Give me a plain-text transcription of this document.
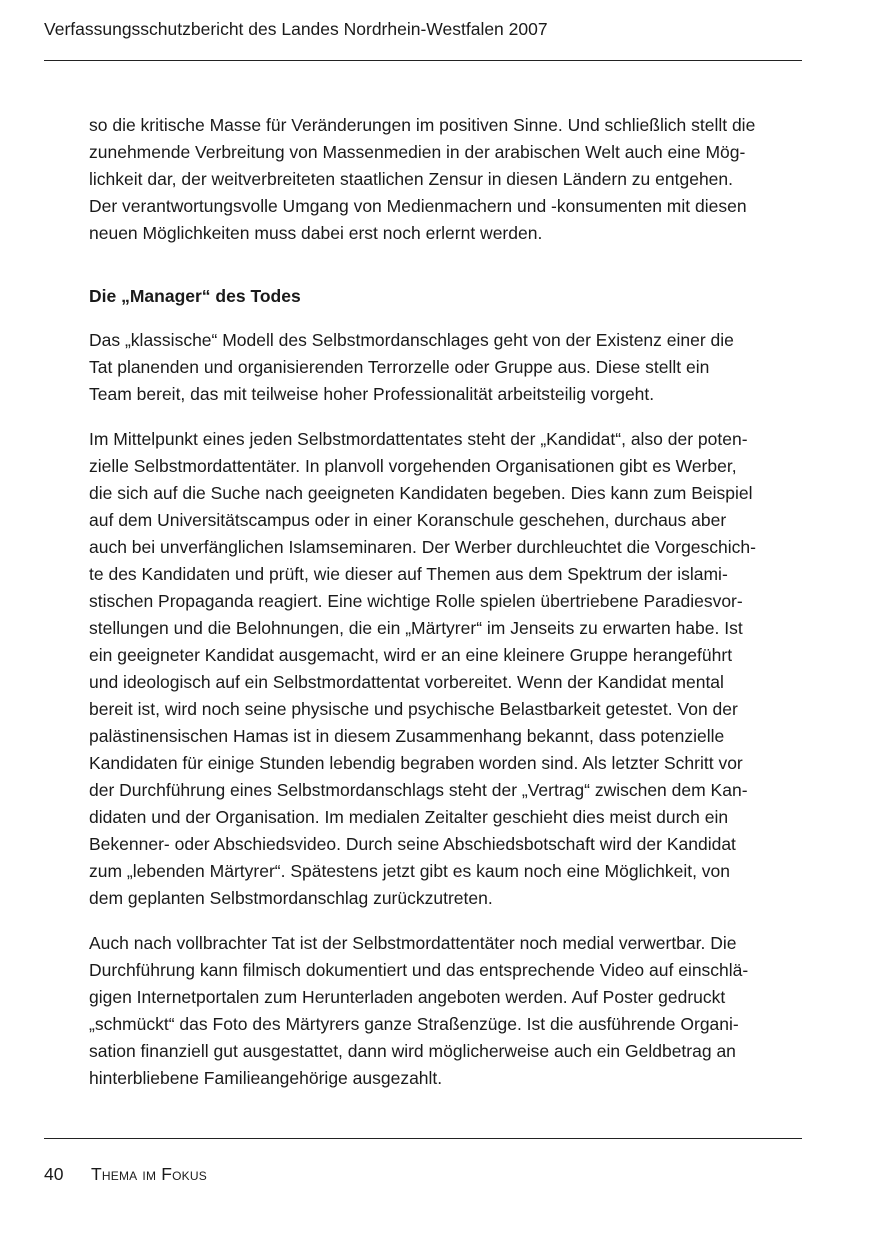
Verfassungsschutzbericht des Landes Nordrhein-Westfalen 2007
so die kritische Masse für Veränderungen im positiven Sinne. Und schließlich stellt die
zunehmende Verbreitung von Massenmedien in der arabischen Welt auch eine Mög-
lichkeit dar, der weitverbreiteten staatlichen Zensur in diesen Ländern zu entgehen.
Der verantwortungsvolle Umgang von Medienmachern und -konsumenten mit diesen
neuen Möglichkeiten muss dabei erst noch erlernt werden.
Die „Manager“ des Todes
Das „klassische“ Modell des Selbstmordanschlages geht von der Existenz einer die
Tat planenden und organisierenden Terrorzelle oder Gruppe aus. Diese stellt ein
Team bereit, das mit teilweise hoher Professionalität arbeitsteilig vorgeht.
Im Mittelpunkt eines jeden Selbstmordattentates steht der „Kandidat“, also der poten-
zielle Selbstmordattentäter. In planvoll vorgehenden Organisationen gibt es Werber,
die sich auf die Suche nach geeigneten Kandidaten begeben. Dies kann zum Beispiel
auf dem Universitätscampus oder in einer Koranschule geschehen, durchaus aber
auch bei unverfänglichen Islamseminaren. Der Werber durchleuchtet die Vorgeschich-
te des Kandidaten und prüft, wie dieser auf Themen aus dem Spektrum der islami-
stischen Propaganda reagiert. Eine wichtige Rolle spielen übertriebene Paradiesvor-
stellungen und die Belohnungen, die ein „Märtyrer“ im Jenseits zu erwarten habe. Ist
ein geeigneter Kandidat ausgemacht, wird er an eine kleinere Gruppe herangeführt
und ideologisch auf ein Selbstmordattentat vorbereitet. Wenn der Kandidat mental
bereit ist, wird noch seine physische und psychische Belastbarkeit getestet. Von der
palästinensischen Hamas ist in diesem Zusammenhang bekannt, dass potenzielle
Kandidaten für einige Stunden lebendig begraben worden sind. Als letzter Schritt vor
der Durchführung eines Selbstmordanschlags steht der „Vertrag“ zwischen dem Kan-
didaten und der Organisation. Im medialen Zeitalter geschieht dies meist durch ein
Bekenner- oder Abschiedsvideo. Durch seine Abschiedsbotschaft wird der Kandidat
zum „lebenden Märtyrer“. Spätestens jetzt gibt es kaum noch eine Möglichkeit, von
dem geplanten Selbstmordanschlag zurückzutreten.
Auch nach vollbrachter Tat ist der Selbstmordattentäter noch medial verwertbar. Die
Durchführung kann filmisch dokumentiert und das entsprechende Video auf einschlä-
gigen Internetportalen zum Herunterladen angeboten werden. Auf Poster gedruckt
„schmückt“ das Foto des Märtyrers ganze Straßenzüge. Ist die ausführende Organi-
sation finanziell gut ausgestattet, dann wird möglicherweise auch ein Geldbetrag an
hinterbliebene Familieangehörige ausgezahlt.
40 Thema im Fokus
